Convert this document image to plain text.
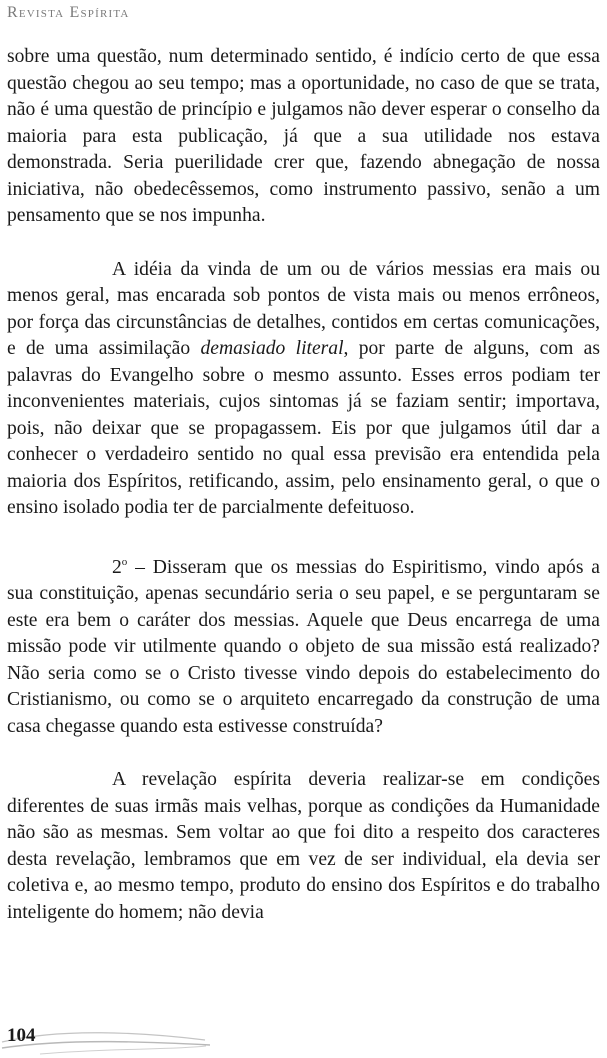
Revista Espírita

sobre uma questão, num determinado sentido, é indício certo de que essa questão chegou ao seu tempo; mas a oportunidade, no caso de que se trata, não é uma questão de princípio e julgamos não dever esperar o conselho da maioria para esta publicação, já que a sua utilidade nos estava demonstrada. Seria puerilidade crer que, fazendo abnegação de nossa iniciativa, não obedecêssemos, como instrumento passivo, senão a um pensamento que se nos impunha.

A idéia da vinda de um ou de vários messias era mais ou menos geral, mas encarada sob pontos de vista mais ou menos errôneos, por força das circunstâncias de detalhes, contidos em certas comunicações, e de uma assimilação demasiado literal, por parte de alguns, com as palavras do Evangelho sobre o mesmo assunto. Esses erros podiam ter inconvenientes materiais, cujos sintomas já se faziam sentir; importava, pois, não deixar que se propagassem. Eis por que julgamos útil dar a conhecer o verdadeiro sentido no qual essa previsão era entendida pela maioria dos Espíritos, retificando, assim, pelo ensinamento geral, o que o ensino isolado podia ter de parcialmente defeituoso.

2$^o$ – Disseram que os messias do Espiritismo, vindo após a sua constituição, apenas secundário seria o seu papel, e se perguntaram se este era bem o caráter dos messias. Aquele que Deus encarrega de uma missão pode vir utilmente quando o objeto de sua missão está realizado? Não seria como se o Cristo tivesse vindo depois do estabelecimento do Cristianismo, ou como se o arquiteto encarregado da construção de uma casa chegasse quando esta estivesse construída?

A revelação espírita deveria realizar-se em condições diferentes de suas irmãs mais velhas, porque as condições da Humanidade não são as mesmas. Sem voltar ao que foi dito a respeito dos caracteres desta revelação, lembramos que em vez de ser individual, ela devia ser coletiva e, ao mesmo tempo, produto do ensino dos Espíritos e do trabalho inteligente do homem; não devia

104
